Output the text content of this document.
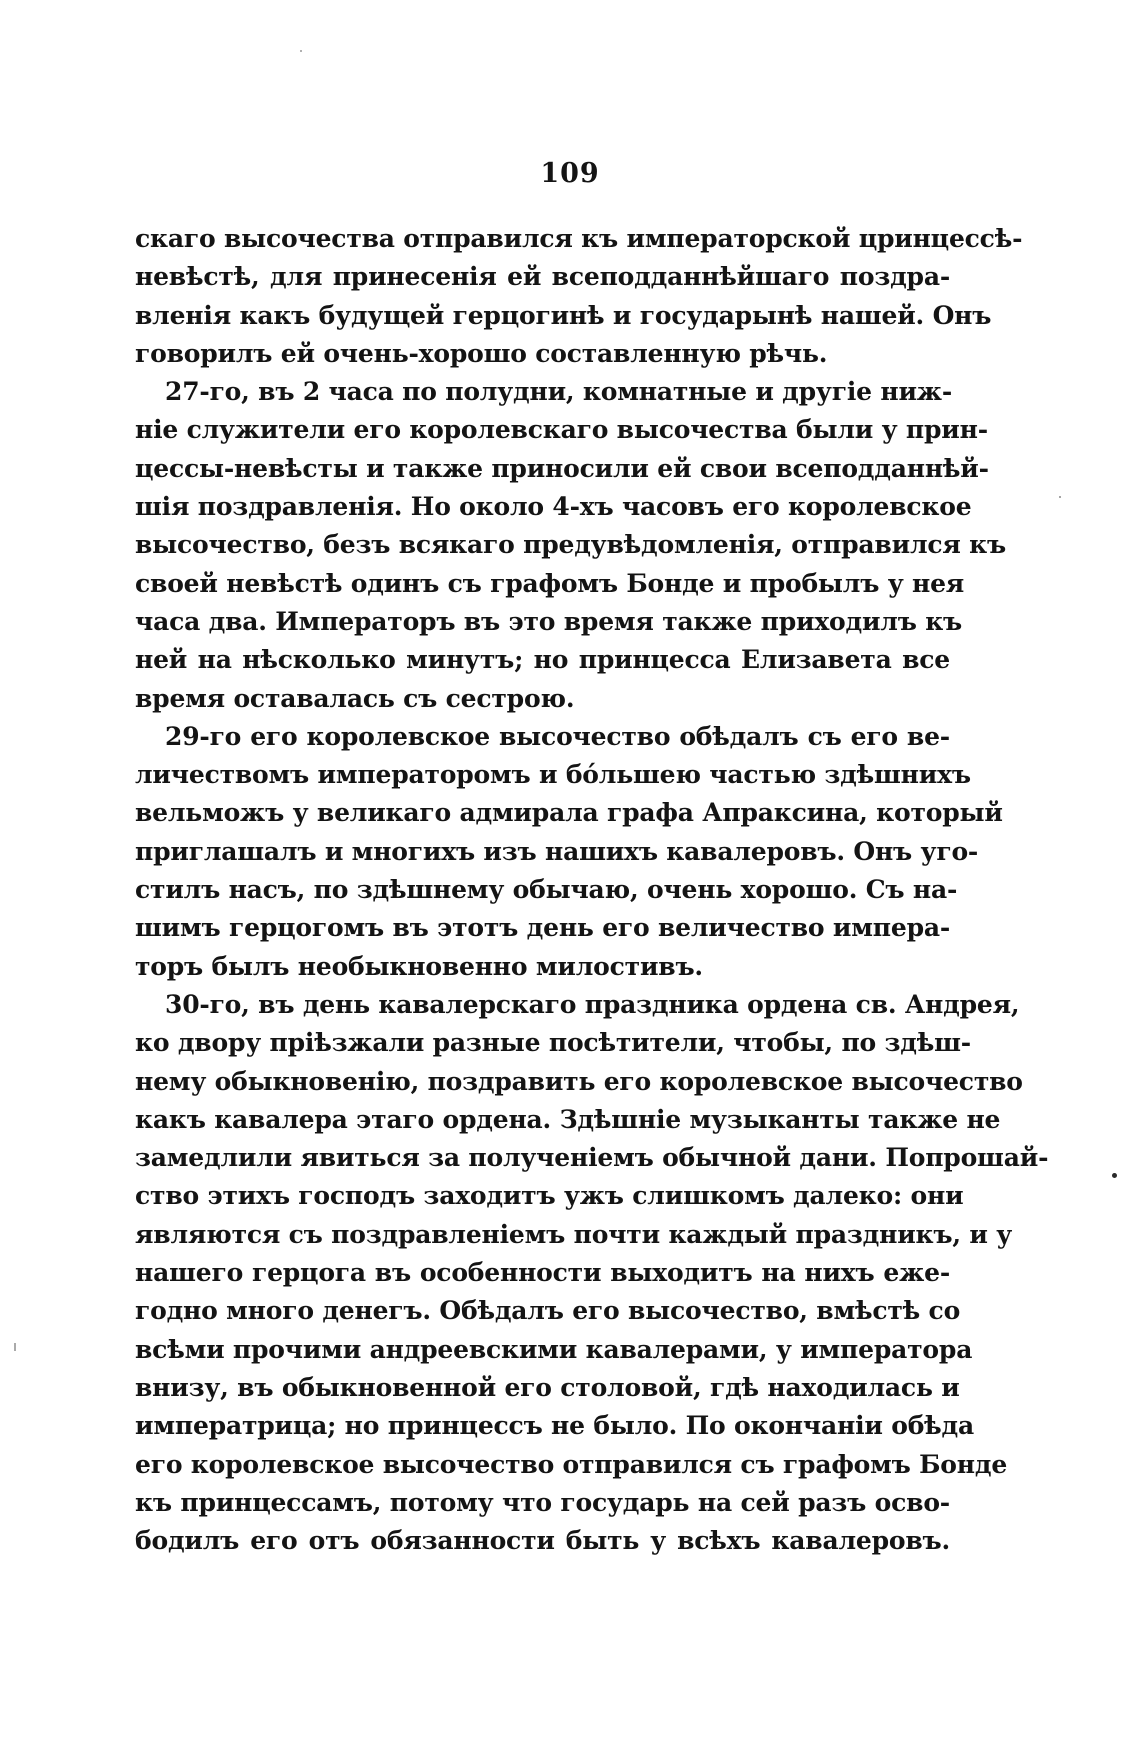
109
скаго высочества отправился къ императорской цринцессѣ-
невѣстѣ, для принесенія ей всеподданнѣйшаго поздра-
вленія какъ будущей герцогинѣ и государынѣ нашей. Онъ
говорилъ ей очень-хорошо составленную рѣчь.
27-го, въ 2 часа по полудни, комнатные и другіе ниж-
ніе служители его королевскаго высочества были у прин-
цессы-невѣсты и также приносили ей свои всеподданнѣй-
шія поздравленія. Но около 4-хъ часовъ его королевское
высочество, безъ всякаго предувѣдомленія, отправился къ
своей невѣстѣ одинъ съ графомъ Бонде и пробылъ у нея
часа два. Императоръ въ это время также приходилъ къ
ней на нѣсколько минутъ; но принцесса Елизавета все
время оставалась съ сестрою.
29-го его королевское высочество обѣдалъ съ его ве-
личествомъ императоромъ и бо́льшею частью здѣшнихъ
вельможъ у великаго адмирала графа Апраксина, который
приглашалъ и многихъ изъ нашихъ кавалеровъ. Онъ уго-
стилъ насъ, по здѣшнему обычаю, очень хорошо. Съ на-
шимъ герцогомъ въ этотъ день его величество импера-
торъ былъ необыкновенно милостивъ.
30-го, въ день кавалерскаго праздника ордена св. Андрея,
ко двору пріѣзжали разные посѣтители, чтобы, по здѣш-
нему обыкновенію, поздравить его королевское высочество
какъ кавалера этаго ордена. Здѣшніе музыканты также не
замедлили явиться за полученіемъ обычной дани. Попрошай-
ство этихъ господъ заходитъ ужъ слишкомъ далеко: они
являются съ поздравленіемъ почти каждый праздникъ, и у
нашего герцога въ особенности выходитъ на нихъ еже-
годно много денегъ. Обѣдалъ его высочество, вмѣстѣ со
всѣми прочими андреевскими кавалерами, у императора
внизу, въ обыкновенной его столовой, гдѣ находилась и
императрица; но принцессъ не было. По окончаніи обѣда
его королевское высочество отправился съ графомъ Бонде
къ принцессамъ, потому что государь на сей разъ осво-
бодилъ его отъ обязанности быть у всѣхъ кавалеровъ.
